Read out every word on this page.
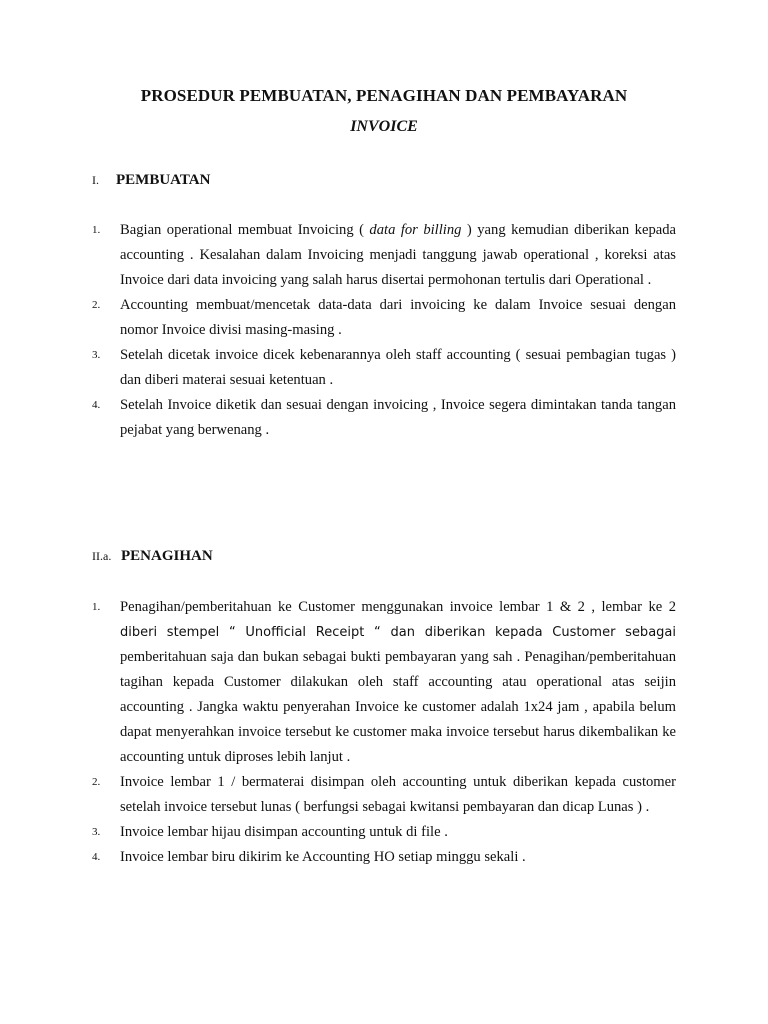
PROSEDUR PEMBUATAN, PENAGIHAN DAN PEMBAYARAN
INVOICE
I. PEMBUATAN
1. Bagian operational membuat Invoicing ( data for billing ) yang kemudian diberikan kepada accounting . Kesalahan dalam Invoicing menjadi tanggung jawab operational , koreksi atas Invoice dari data invoicing yang salah harus disertai permohonan tertulis dari Operational .
2. Accounting membuat/mencetak data-data dari invoicing ke dalam Invoice sesuai dengan nomor Invoice divisi masing-masing .
3. Setelah dicetak invoice dicek kebenarannya oleh staff accounting ( sesuai pembagian tugas ) dan diberi materai sesuai ketentuan .
4. Setelah Invoice diketik dan sesuai dengan invoicing , Invoice segera dimintakan tanda tangan pejabat yang berwenang .
II.a. PENAGIHAN
1. Penagihan/pemberitahuan ke Customer menggunakan invoice lembar 1 & 2 , lembar ke 2 diberi stempel “ Unofficial Receipt “ dan diberikan kepada Customer sebagai pemberitahuan saja dan bukan sebagai bukti pembayaran yang sah . Penagihan/pemberitahuan tagihan kepada Customer dilakukan oleh staff accounting atau operational atas seijin accounting . Jangka waktu penyerahan Invoice ke customer adalah 1x24 jam , apabila belum dapat menyerahkan invoice tersebut ke customer maka invoice tersebut harus dikembalikan ke accounting untuk diproses lebih lanjut .
2. Invoice lembar 1 / bermaterai disimpan oleh accounting untuk diberikan kepada customer setelah invoice tersebut lunas ( berfungsi sebagai kwitansi pembayaran dan dicap Lunas ) .
3. Invoice lembar hijau disimpan accounting untuk di file .
4. Invoice lembar biru dikirim ke Accounting HO setiap minggu sekali .
